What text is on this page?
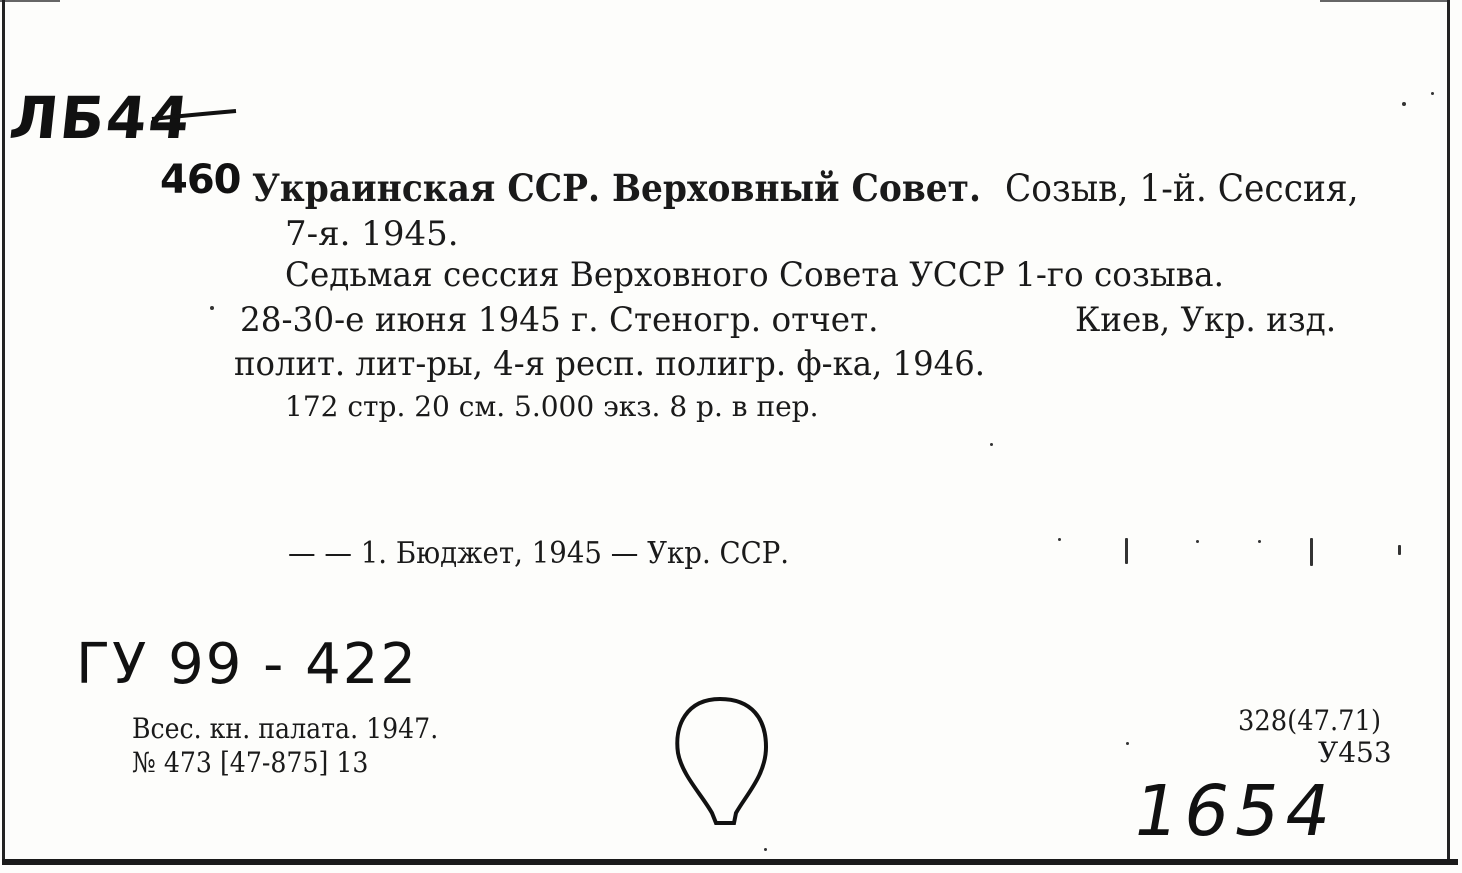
ЛБ44
460 Украинская ССР. Верховный Совет. Созыв, 1-й. Сессия,
7-я. 1945.
Седьмая сессия Верховного Совета УССР 1-го созыва.
28-30-е июня 1945 г. Стеногр. отчет.	Киев, Укр. изд.
полит. лит-ры, 4-я респ. полигр. ф-ка, 1946.
172 стр. 20 см. 5.000 экз. 8 р. в пер.
— — 1. Бюджет, 1945 — Укр. ССР.
ГУ 99 - 422
Всес. кн. палата. 1947.
№ 473 [47-875] 13
328(47.71)
У453
1654
